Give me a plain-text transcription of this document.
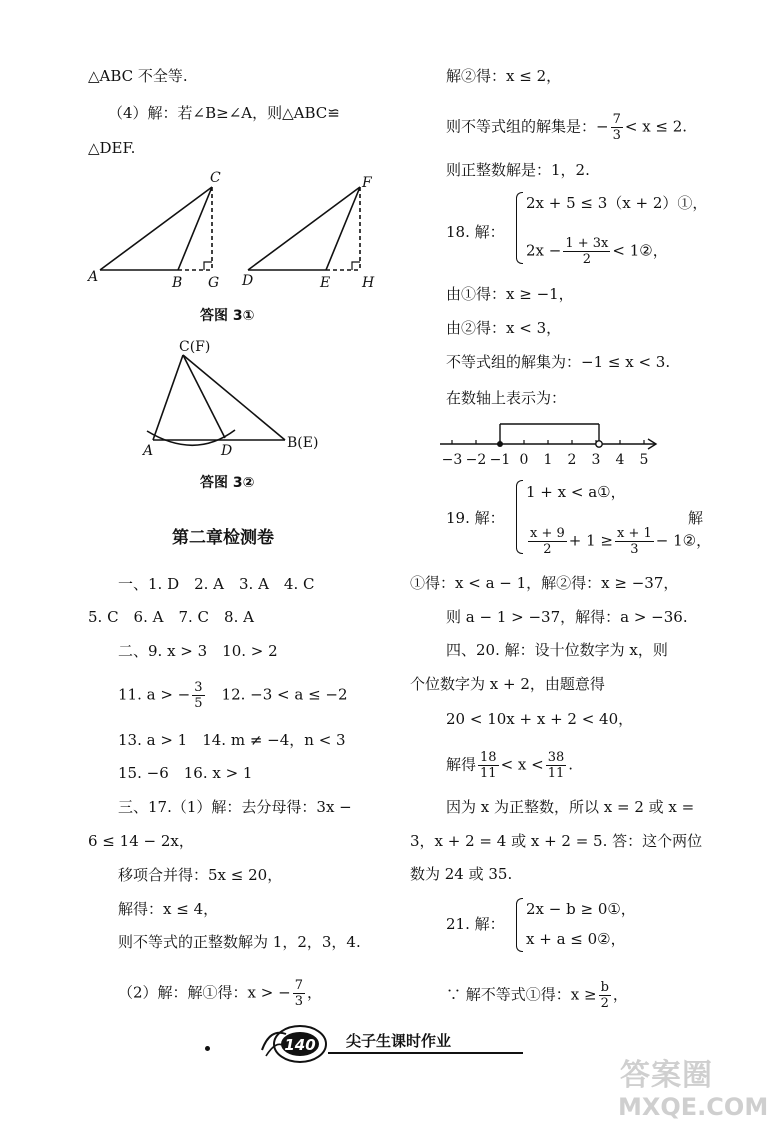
△ABC 不全等.
（4）解：若∠B≥∠A，则△ABC≌
△DEF.
A	B
C
G D	E
F
H
答图 3①
C(F)
A	D	B(E)
答图 3②
第二章检测卷
一、1. D　2. A　3. A　4. C
5. C　6. A　7. C　8. A
二、9. x > 3　10. > 2
11. a > − $\frac{3}{5}$ 　12. −3 < a ≤ −2
13. a > 1　14. m ≠ −4，n < 3
15. −6　16. x > 1
三、17.（1）解：去分母得：3x −
6 ≤ 14 − 2x，
移项合并得：5x ≤ 20，
解得：x ≤ 4，
则不等式的正整数解为 1，2，3，4.
（2）解：解①得：x > − $\frac{7}{3}$ ，
解②得：x ≤ 2，
则不等式组的解集是：− $\frac{7}{3} < x \le 2$.
则正整数解是：1，2.
18. 解：
2x + 5 ≤ 3（x + 2）①，
$2x - \frac{1 + 3x}{2}$ < 1②，
由①得：x ≥ −1，
由②得：x < 3，
不等式组的解集为：−1 ≤ x < 3.
在数轴上表示为：
−3 −2 −1 0 1 2 3 4 5
19. 解：
1 + x < a①，
$\frac{x + 9}{2} + 1 \ge \frac{x + 1}{3}$ − 1②，
解
①得：x < a − 1，解②得：x ≥ −37，
则 a − 1 > −37，解得：a > −36.
四、20. 解：设十位数字为 x，则
个位数字为 x + 2，由题意得
20 < 10x + x + 2 < 40，
解得 $\frac{18}{11} < x < \frac{38}{11}$ .
因为 x 为正整数，所以 x = 2 或 x =
3，x + 2 = 4 或 x + 2 = 5. 答：这个两位
数为 24 或 35.
21. 解：
2x − b ≥ 0①，
x + a ≤ 0②，
∵ 解不等式①得：$x \ge \frac{b}{2}$ ，
140 尖子生课时作业
答案圈
MXQE.COM
